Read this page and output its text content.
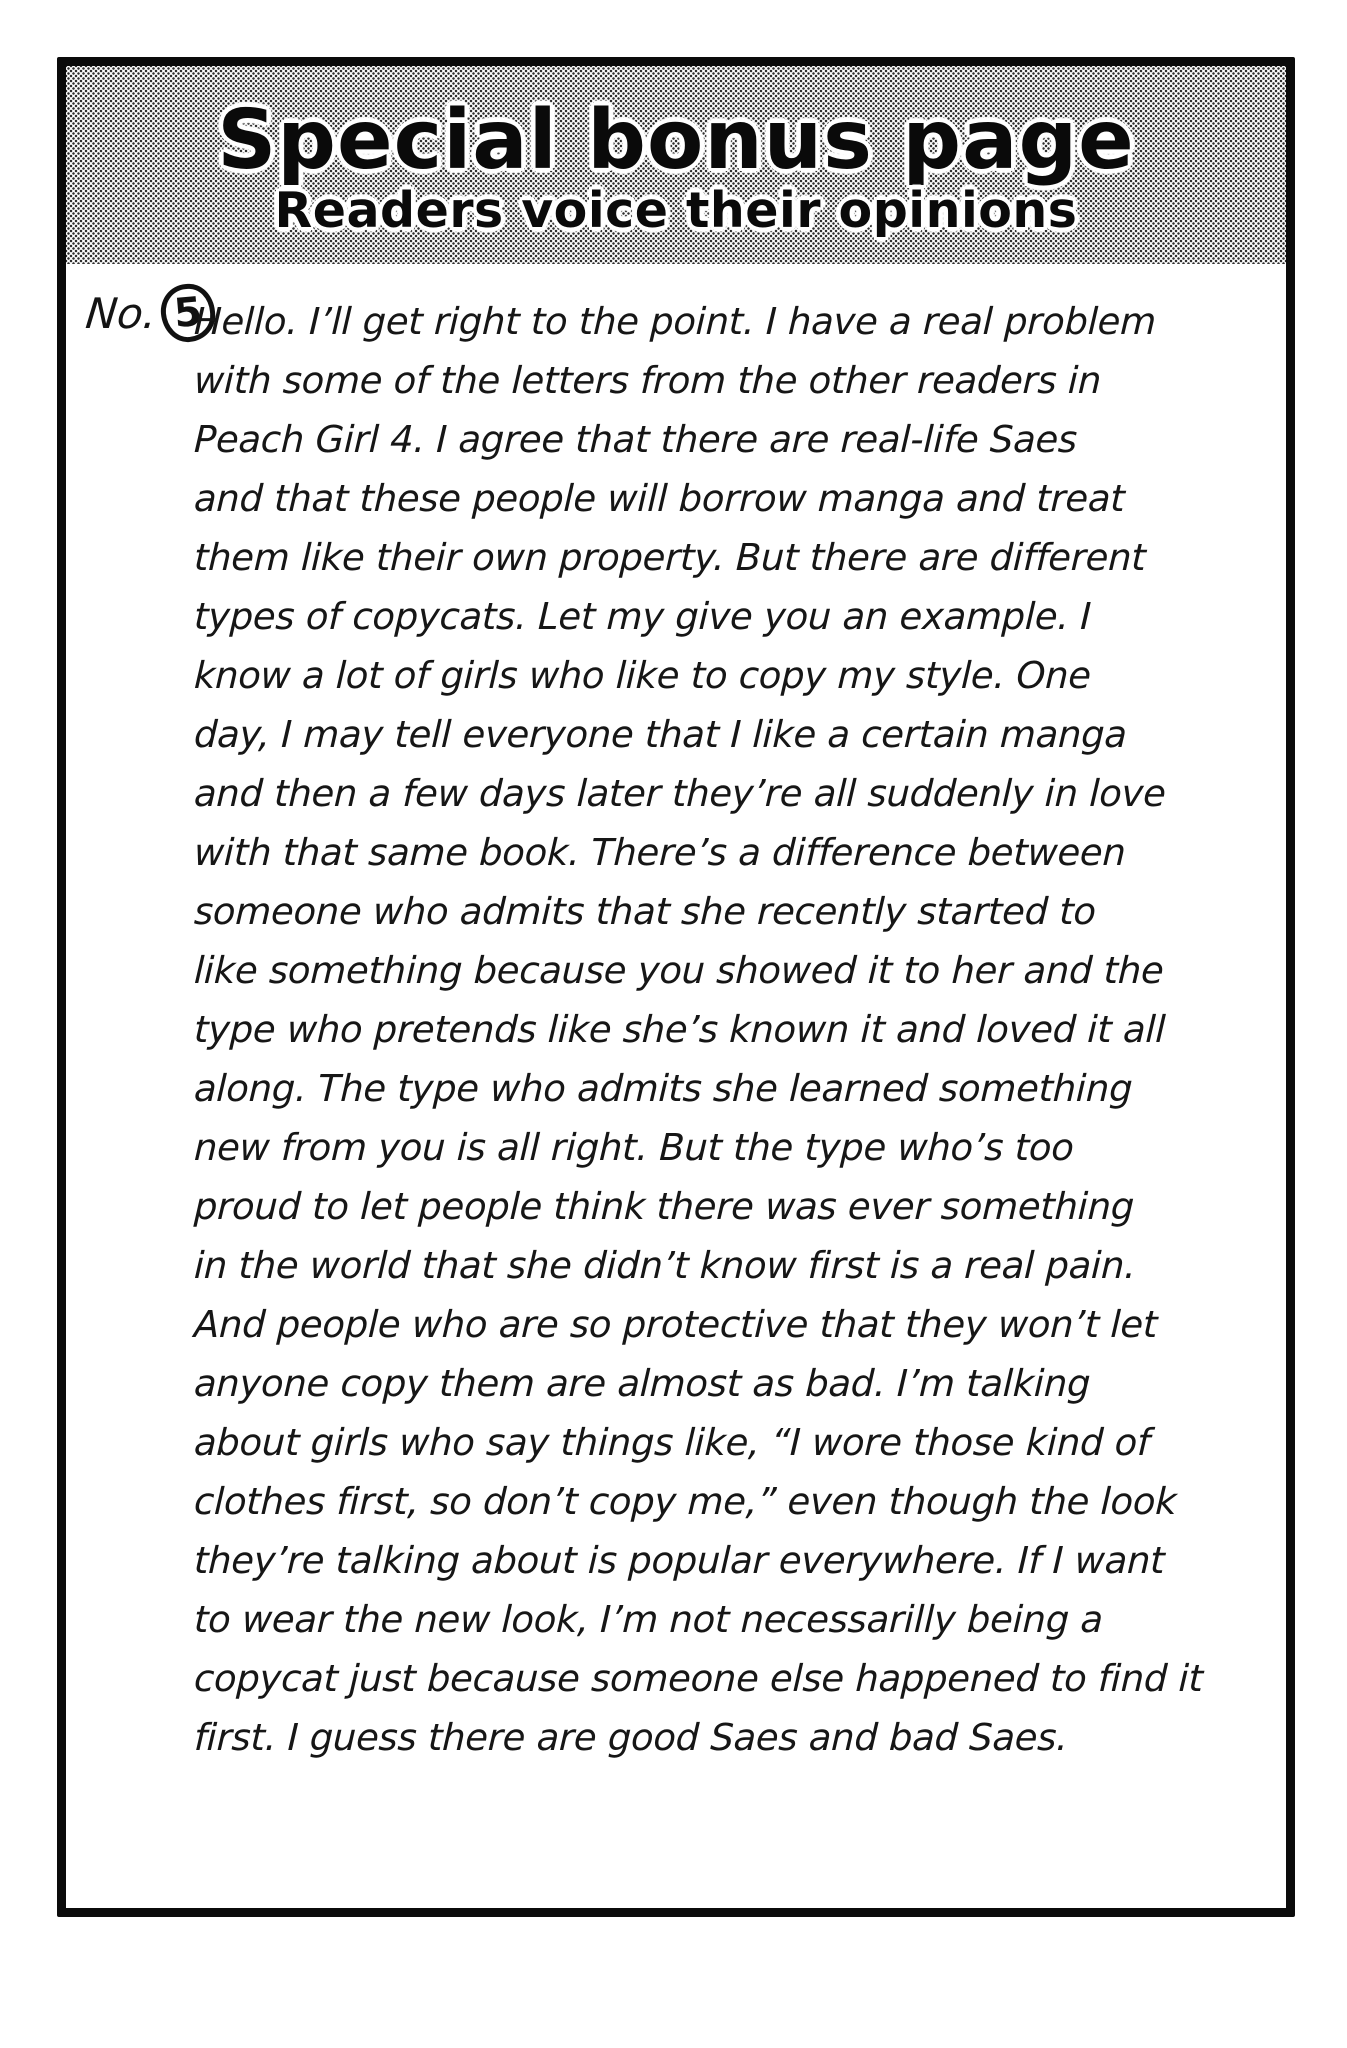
Special bonus page
Readers voice their opinions
No. 5
Hello. I’ll get right to the point. I have a real problem
with some of the letters from the other readers in
Peach Girl 4. I agree that there are real-life Saes
and that these people will borrow manga and treat
them like their own property. But there are different
types of copycats. Let my give you an example. I
know a lot of girls who like to copy my style. One
day, I may tell everyone that I like a certain manga
and then a few days later they’re all suddenly in love
with that same book. There’s a difference between
someone who admits that she recently started to
like something because you showed it to her and the
type who pretends like she’s known it and loved it all
along. The type who admits she learned something
new from you is all right. But the type who’s too
proud to let people think there was ever something
in the world that she didn’t know first is a real pain.
And people who are so protective that they won’t let
anyone copy them are almost as bad. I’m talking
about girls who say things like, “I wore those kind of
clothes first, so don’t copy me,” even though the look
they’re talking about is popular everywhere. If I want
to wear the new look, I’m not necessarilly being a
copycat just because someone else happened to find it
first. I guess there are good Saes and bad Saes.
